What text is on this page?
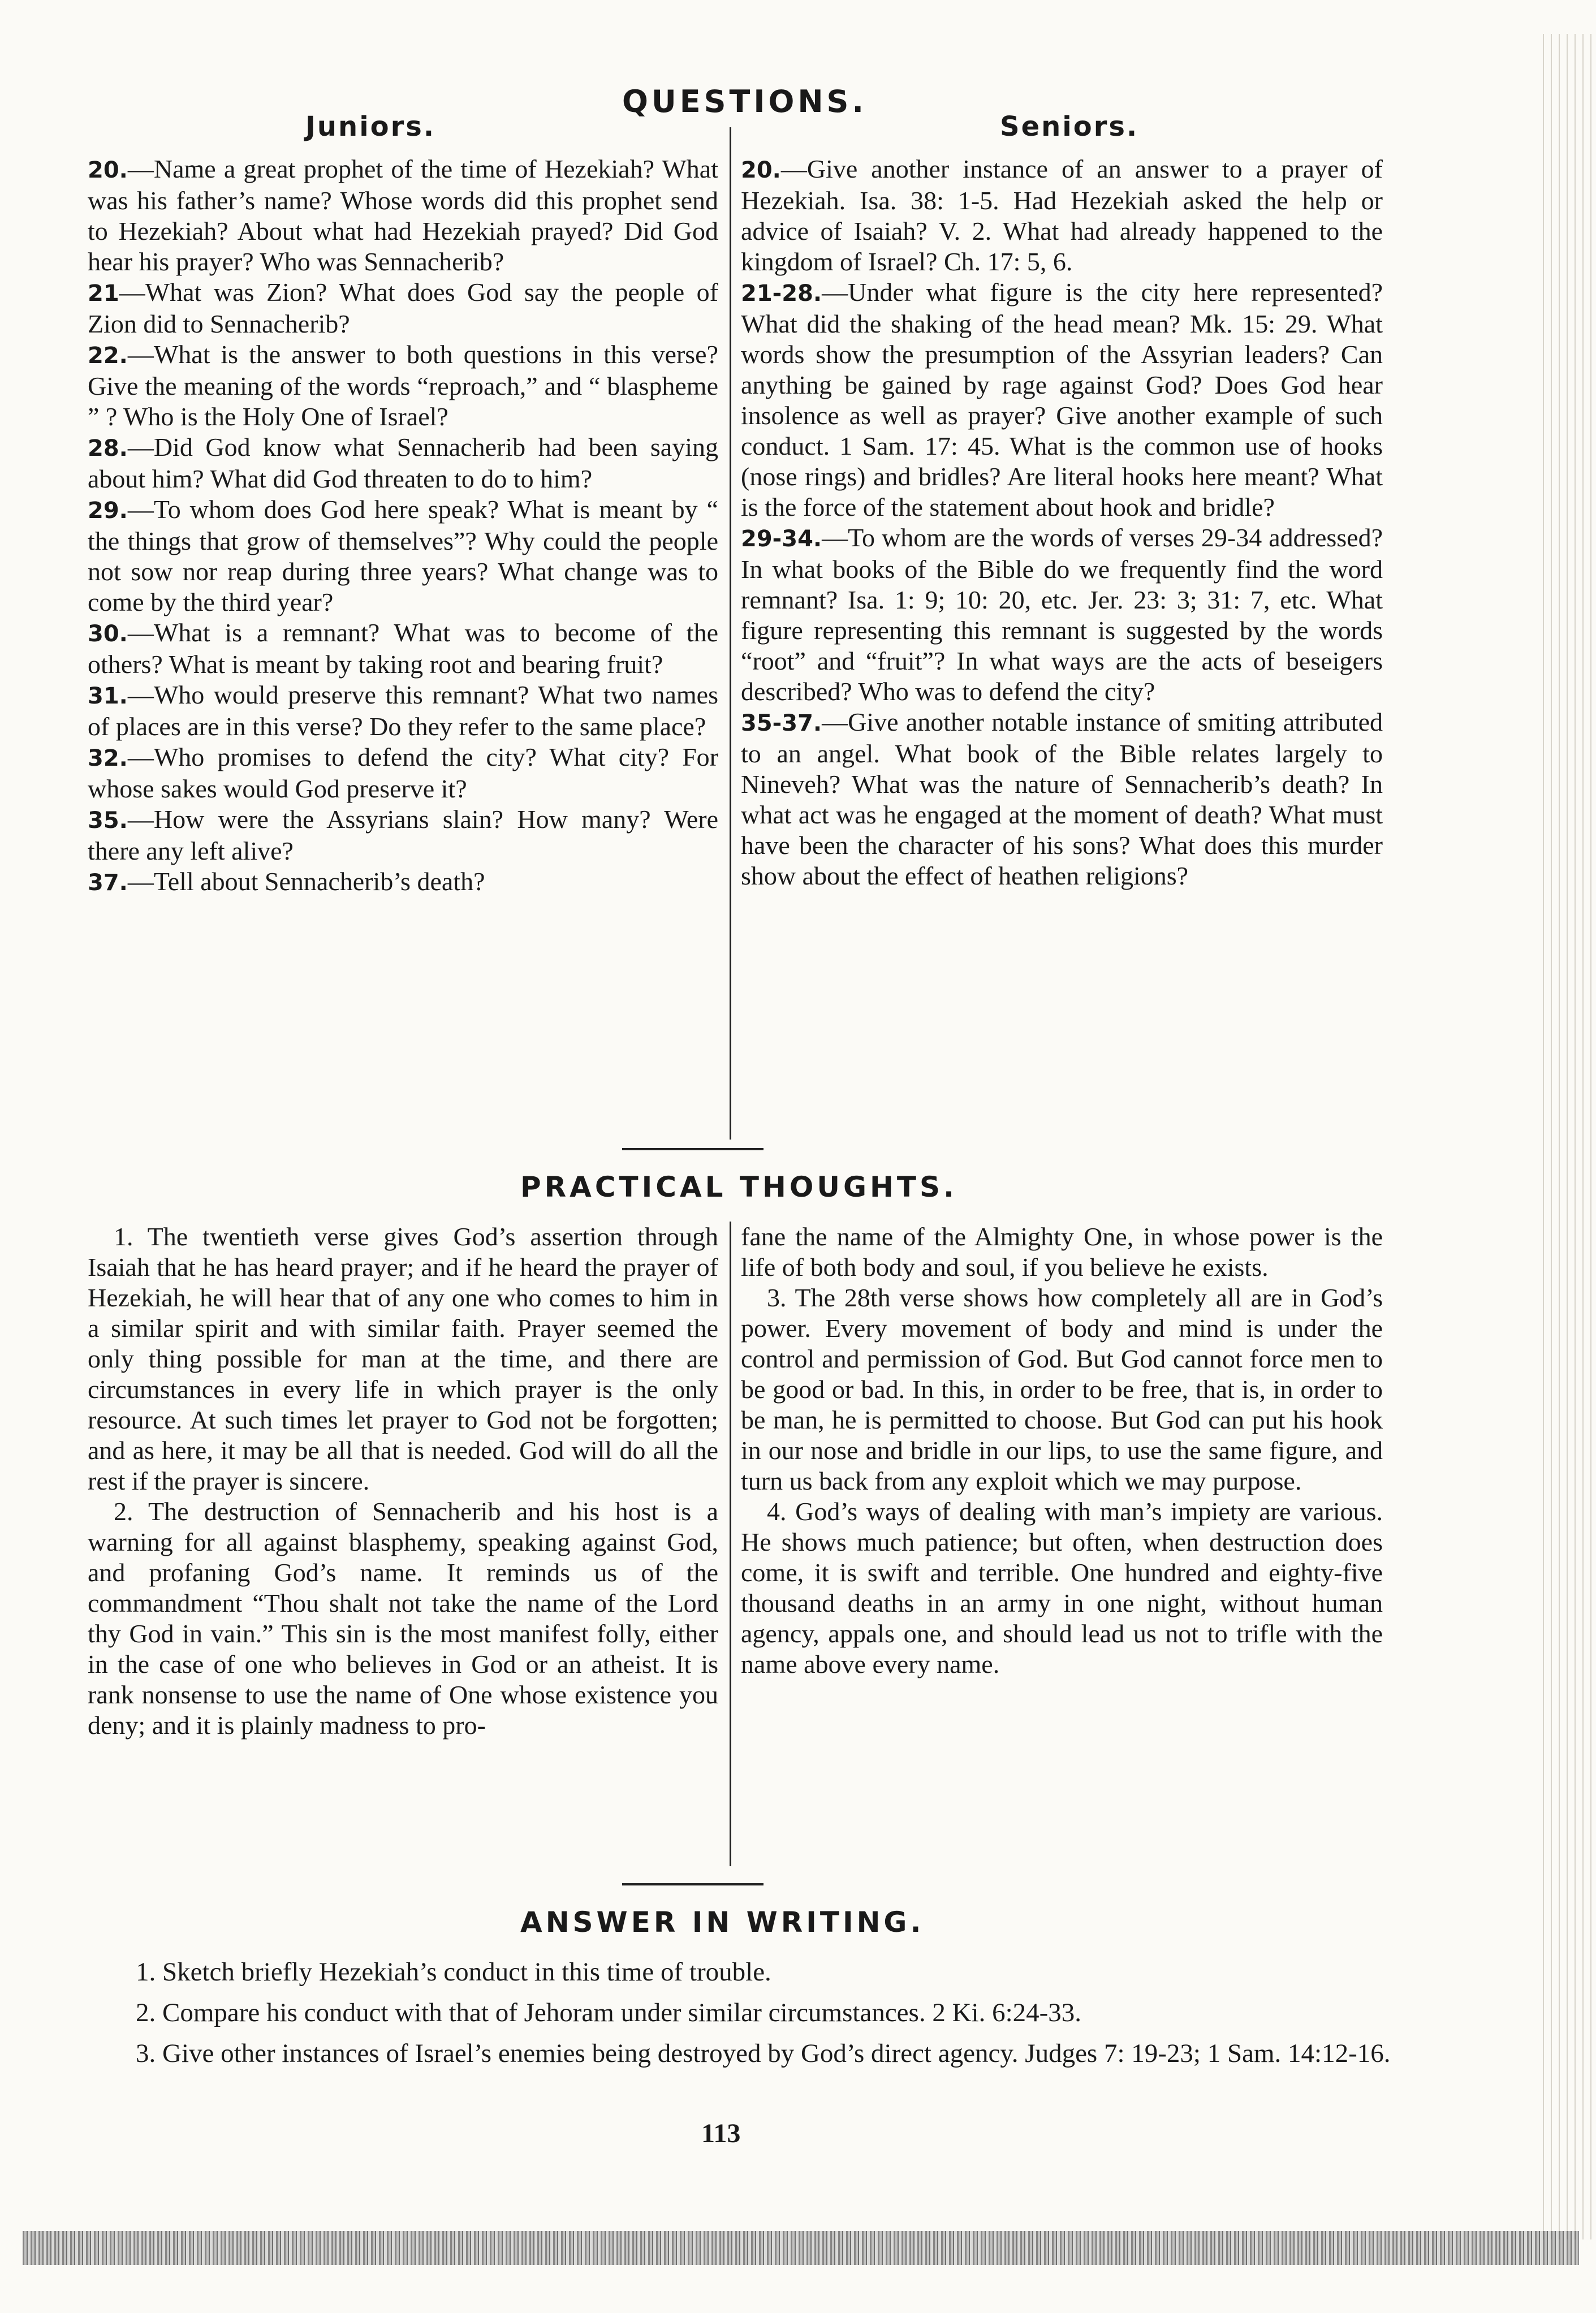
QUESTIONS.
Juniors.	Seniors.

20.—Name a great prophet of the time of Hezekiah? What was his father’s name? Whose words did this prophet send to Hezekiah? About what had Hezekiah prayed? Did God hear his prayer? Who was Sennacherib?

21—What was Zion? What does God say the people of Zion did to Sennacherib?

22.—What is the answer to both questions in this verse? Give the meaning of the words “reproach,” and “ blaspheme ” ? Who is the Holy One of Israel?

28.—Did God know what Sennacherib had been saying about him? What did God threaten to do to him?

29.—To whom does God here speak? What is meant by “ the things that grow of themselves”? Why could the people not sow nor reap during three years? What change was to come by the third year?

30.—What is a remnant? What was to become of the others? What is meant by taking root and bearing fruit?

31.—Who would preserve this remnant? What two names of places are in this verse? Do they refer to the same place?

32.—Who promises to defend the city? What city? For whose sakes would God preserve it?

35.—How were the Assyrians slain? How many? Were there any left alive?

37.—Tell about Sennacherib’s death?

20.—Give another instance of an answer to a prayer of Hezekiah. Isa. 38: 1-5. Had Hezekiah asked the help or advice of Isaiah? V. 2. What had already happened to the kingdom of Israel? Ch. 17: 5, 6.

21-28.—Under what figure is the city here represented? What did the shaking of the head mean? Mk. 15: 29. What words show the presumption of the Assyrian leaders? Can anything be gained by rage against God? Does God hear insolence as well as prayer? Give another example of such conduct. 1 Sam. 17: 45. What is the common use of hooks (nose rings) and bridles? Are literal hooks here meant? What is the force of the statement about hook and bridle?

29-34.—To whom are the words of verses 29-34 addressed? In what books of the Bible do we frequently find the word remnant? Isa. 1: 9; 10: 20, etc. Jer. 23: 3; 31: 7, etc. What figure representing this remnant is suggested by the words “root” and “fruit”? In what ways are the acts of beseigers described? Who was to defend the city?

35-37.—Give another notable instance of smiting attributed to an angel. What book of the Bible relates largely to Nineveh? What was the nature of Sennacherib’s death? In what act was he engaged at the moment of death? What must have been the character of his sons? What does this murder show about the effect of heathen religions?

PRACTICAL THOUGHTS.

1. The twentieth verse gives God’s assertion through Isaiah that he has heard prayer; and if he heard the prayer of Hezekiah, he will hear that of any one who comes to him in a similar spirit and with similar faith. Prayer seemed the only thing possible for man at the time, and there are circumstances in every life in which prayer is the only resource. At such times let prayer to God not be forgotten; and as here, it may be all that is needed. God will do all the rest if the prayer is sincere.

2. The destruction of Sennacherib and his host is a warning for all against blasphemy, speaking against God, and profaning God’s name. It reminds us of the commandment “Thou shalt not take the name of the Lord thy God in vain.” This sin is the most manifest folly, either in the case of one who believes in God or an atheist. It is rank nonsense to use the name of One whose existence you deny; and it is plainly madness to pro-

fane the name of the Almighty One, in whose power is the life of both body and soul, if you believe he exists.

3. The 28th verse shows how completely all are in God’s power. Every movement of body and mind is under the control and permission of God. But God cannot force men to be good or bad. In this, in order to be free, that is, in order to be man, he is permitted to choose. But God can put his hook in our nose and bridle in our lips, to use the same figure, and turn us back from any exploit which we may purpose.

4. God’s ways of dealing with man’s impiety are various. He shows much patience; but often, when destruction does come, it is swift and terrible. One hundred and eighty-five thousand deaths in an army in one night, without human agency, appals one, and should lead us not to trifle with the name above every name.

ANSWER IN WRITING.

1. Sketch briefly Hezekiah’s conduct in this time of trouble.

2. Compare his conduct with that of Jehoram under similar circumstances. 2 Ki. 6:24-33.

3. Give other instances of Israel’s enemies being destroyed by God’s direct agency. Judges 7: 19-23; 1 Sam. 14:12-16.

113
